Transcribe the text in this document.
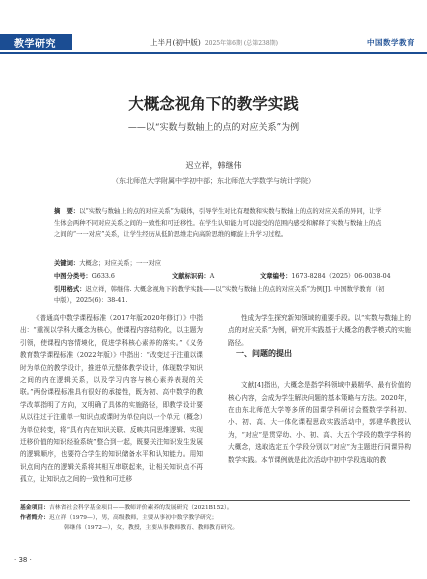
教学研究	上半月(初中版) 2025年第6期 (总第238期)	中国数学教育
大概念视角下的教学实践
——以“实数与数轴上的点的对应关系”为例
迟立祥，韩继伟
（东北师范大学附属中学初中部；东北师范大学数学与统计学院）
摘　要：以“实数与数轴上的点的对应关系”为载体，引导学生对比有理数和实数与数轴上的点的对应关系的异同，让学生体会两种不同对应关系之间的一致性和可迁移性。在学生认知能力可以接受的范围内感受和解释了实数与数轴上的点之间的“一一对应”关系，让学生经历从低阶思维走向高阶思维的螺旋上升学习过程。
关键词：大概念；对应关系；一一对应
中图分类号：G633.6	文献标识码：A	文章编号：1673-8284（2025）06-0038-04
引用格式：迟立祥，韩继伟. 大概念视角下的教学实践——以“实数与数轴上的点的对应关系”为例[J]. 中国数学教育（初中版），2025(6)：38-41.

《普通高中数学课程标准（2017年版2020年修订）》中指出：“重视以学科大概念为核心，使课程内容结构化，以主题为引领，使课程内容情境化，促进学科核心素养的落实。”《义务教育数学课程标准（2022年版）》中指出：“改变过于注重以课时为单位的教学设计，推进单元整体教学设计，体现数学知识之间的内在逻辑关系，以及学习内容与核心素养表现的关联。”两份课程标准具有很好的承接性，既为初、高中数学的教学改革指明了方向，又明确了具体的实施路径，即教学设计要从以往过于注重单一知识点或课时为单位向以一个单元（概念）为单位转变，将“具有内在知识关联、反映共同思维逻辑、实现迁移价值的知识经验系统”整合到一起，既要关注知识发生发展的逻辑顺序，也要符合学生的知识储备水平和认知能力。用知识点间内在的逻辑关系将其相互串联起来，让相关知识点不再孤立，让知识点之间的一致性和可迁移

性成为学生探究新知领域的重要手段。以“实数与数轴上的点的对应关系”为例，研究开实践基于大概念的教学模式的实施路径。

文献[4]指出，大概念是指学科领域中最精华、最有价值的核心内容，会成为学生解决问题的基本策略与方法。2020年，在由东北师范大学等多所的国课学科研讨会暨数学学科初、小、初、高、大一体化课程思政实践活动中，郭建华教授认为，“对应”是贯穿幼、小、初、高、大五个学段的数学学科的大概念，选取选定五个学段分别以“对应”为主题进行同课异构数学实践。本节课例就是此次活动中初中学段选取的教

一、问题的提出
基金项目：吉林省社会科学基金项目——教师评价素养的发展研究（2021B152）。
作者简介：迟立祥（1979—），男，高级教师，主要从事初中数学教学研究；
韩继伟（1972—），女，教授，主要从事教师教育、教师教育研究。
· 38 ·
